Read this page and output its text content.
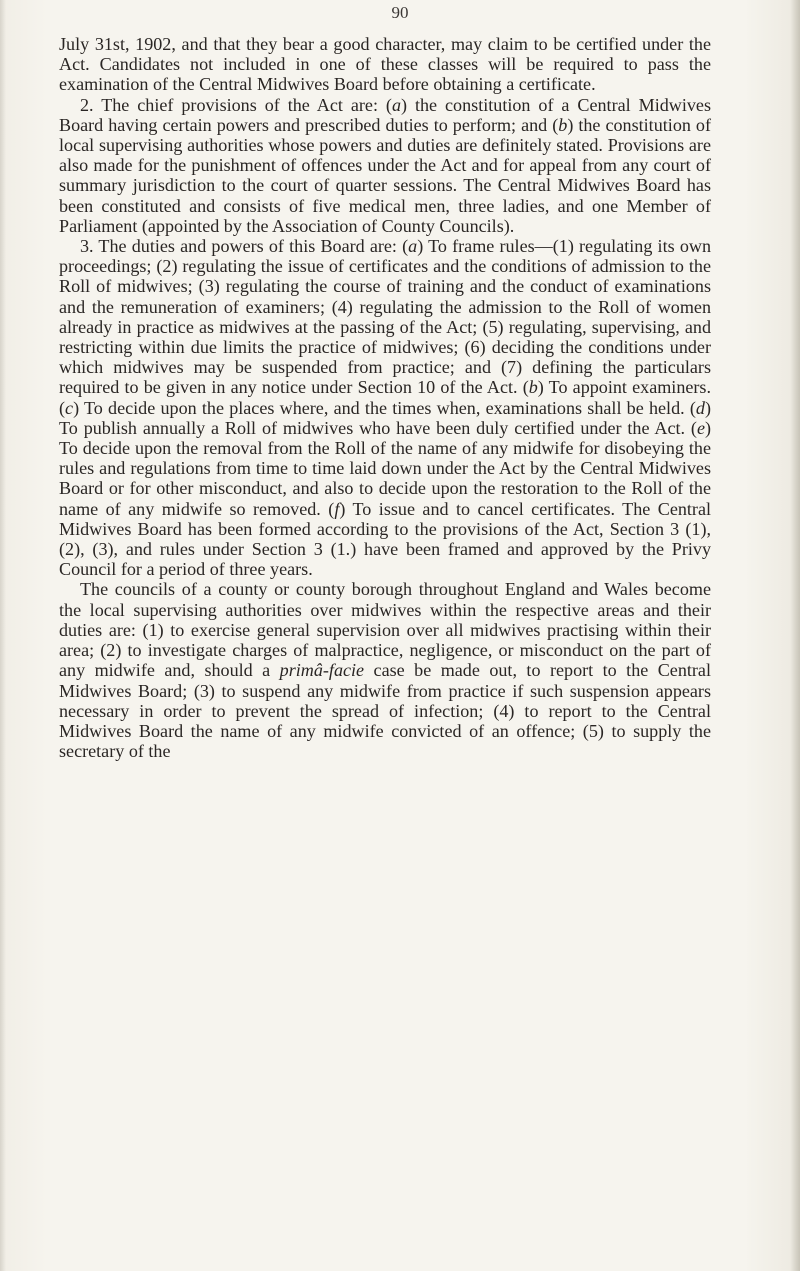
90

July 31st, 1902, and that they bear a good character, may claim to be certified under the Act. Candidates not included in one of these classes will be required to pass the examination of the Central Midwives Board before obtaining a certificate.

2. The chief provisions of the Act are: (a) the constitution of a Central Midwives Board having certain powers and prescribed duties to perform; and (b) the constitution of local supervising authorities whose powers and duties are definitely stated. Provisions are also made for the punishment of offences under the Act and for appeal from any court of summary jurisdiction to the court of quarter sessions. The Central Midwives Board has been constituted and consists of five medical men, three ladies, and one Member of Parliament (appointed by the Association of County Councils).

3. The duties and powers of this Board are: (a) To frame rules—(1) regulating its own proceedings; (2) regulating the issue of certificates and the conditions of admission to the Roll of midwives; (3) regulating the course of training and the conduct of examinations and the remuneration of examiners; (4) regulating the admission to the Roll of women already in practice as midwives at the passing of the Act; (5) regulating, supervising, and restricting within due limits the practice of midwives; (6) deciding the conditions under which midwives may be suspended from practice; and (7) defining the particulars required to be given in any notice under Section 10 of the Act. (b) To appoint examiners. (c) To decide upon the places where, and the times when, examinations shall be held. (d) To publish annually a Roll of midwives who have been duly certified under the Act. (e) To decide upon the removal from the Roll of the name of any midwife for disobeying the rules and regulations from time to time laid down under the Act by the Central Midwives Board or for other misconduct, and also to decide upon the restoration to the Roll of the name of any midwife so removed. (f) To issue and to cancel certificates. The Central Midwives Board has been formed according to the provisions of the Act, Section 3 (1), (2), (3), and rules under Section 3 (1.) have been framed and approved by the Privy Council for a period of three years.

The councils of a county or county borough throughout England and Wales become the local supervising authorities over midwives within the respective areas and their duties are: (1) to exercise general supervision over all midwives practising within their area; (2) to investigate charges of malpractice, negligence, or misconduct on the part of any midwife and, should a primâ-facie case be made out, to report to the Central Midwives Board; (3) to suspend any midwife from practice if such suspension appears necessary in order to prevent the spread of infection; (4) to report to the Central Midwives Board the name of any midwife convicted of an offence; (5) to supply the secretary of the
